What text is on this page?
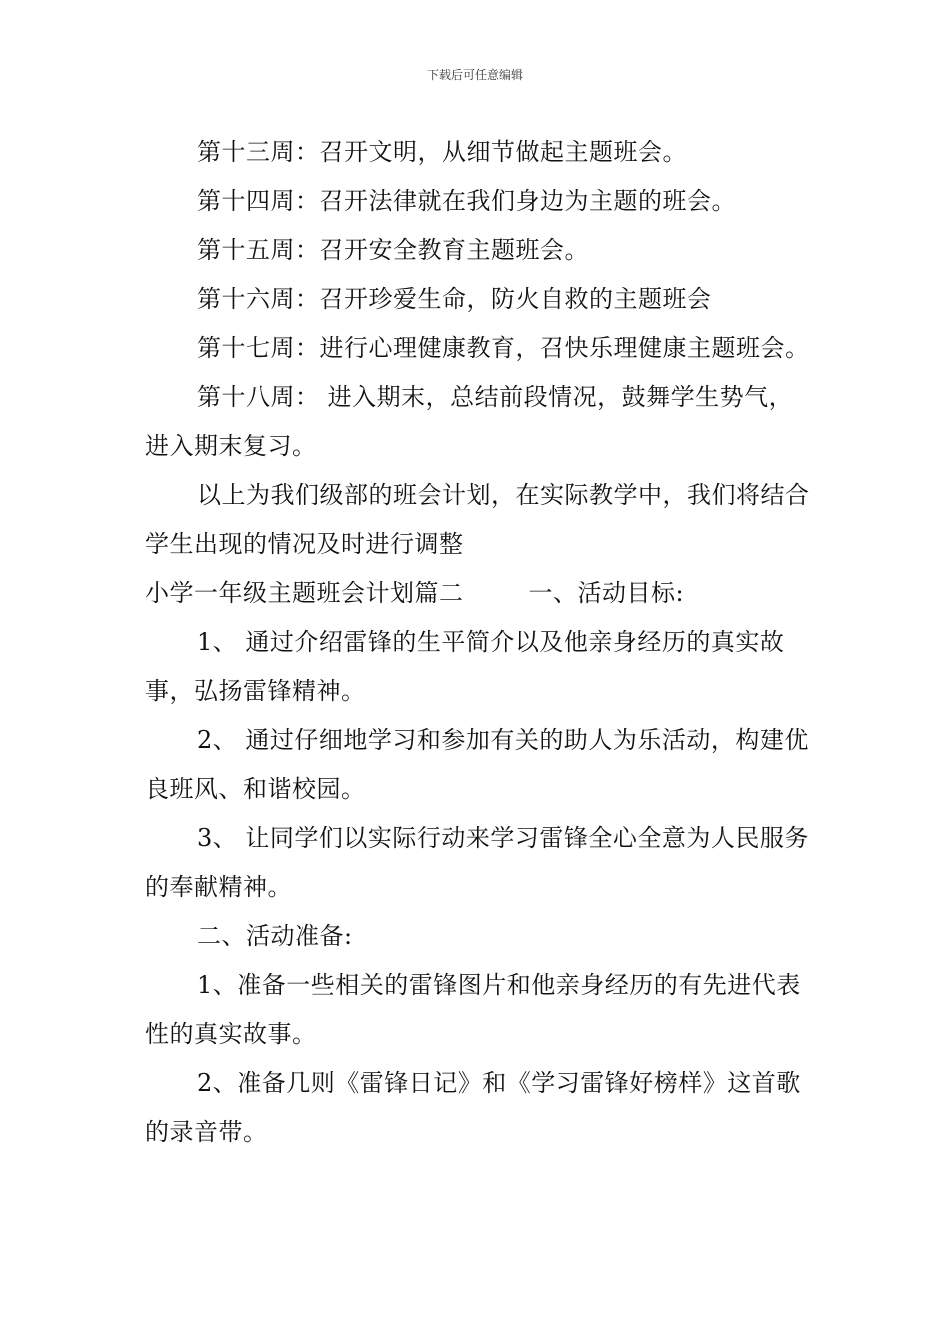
下载后可任意编辑

第十三周：召开文明，从细节做起主题班会。

第十四周：召开法律就在我们身边为主题的班会。

第十五周：召开安全教育主题班会。

第十六周：召开珍爱生命，防火自救的主题班会

第十七周：进行心理健康教育，召快乐理健康主题班会。

第十八周： 进入期末，总结前段情况，鼓舞学生势气，进入期末复习。

以上为我们级部的班会计划，在实际教学中，我们将结合学生出现的情况及时进行调整

小学一年级主题班会计划篇二        一、活动目标:

1、 通过介绍雷锋的生平简介以及他亲身经历的真实故事，弘扬雷锋精神。

2、 通过仔细地学习和参加有关的助人为乐活动，构建优良班风、和谐校园。

3、 让同学们以实际行动来学习雷锋全心全意为人民服务的奉献精神。

二、活动准备:

1、准备一些相关的雷锋图片和他亲身经历的有先进代表性的真实故事。

2、准备几则《雷锋日记》和《学习雷锋好榜样》这首歌的录音带。
